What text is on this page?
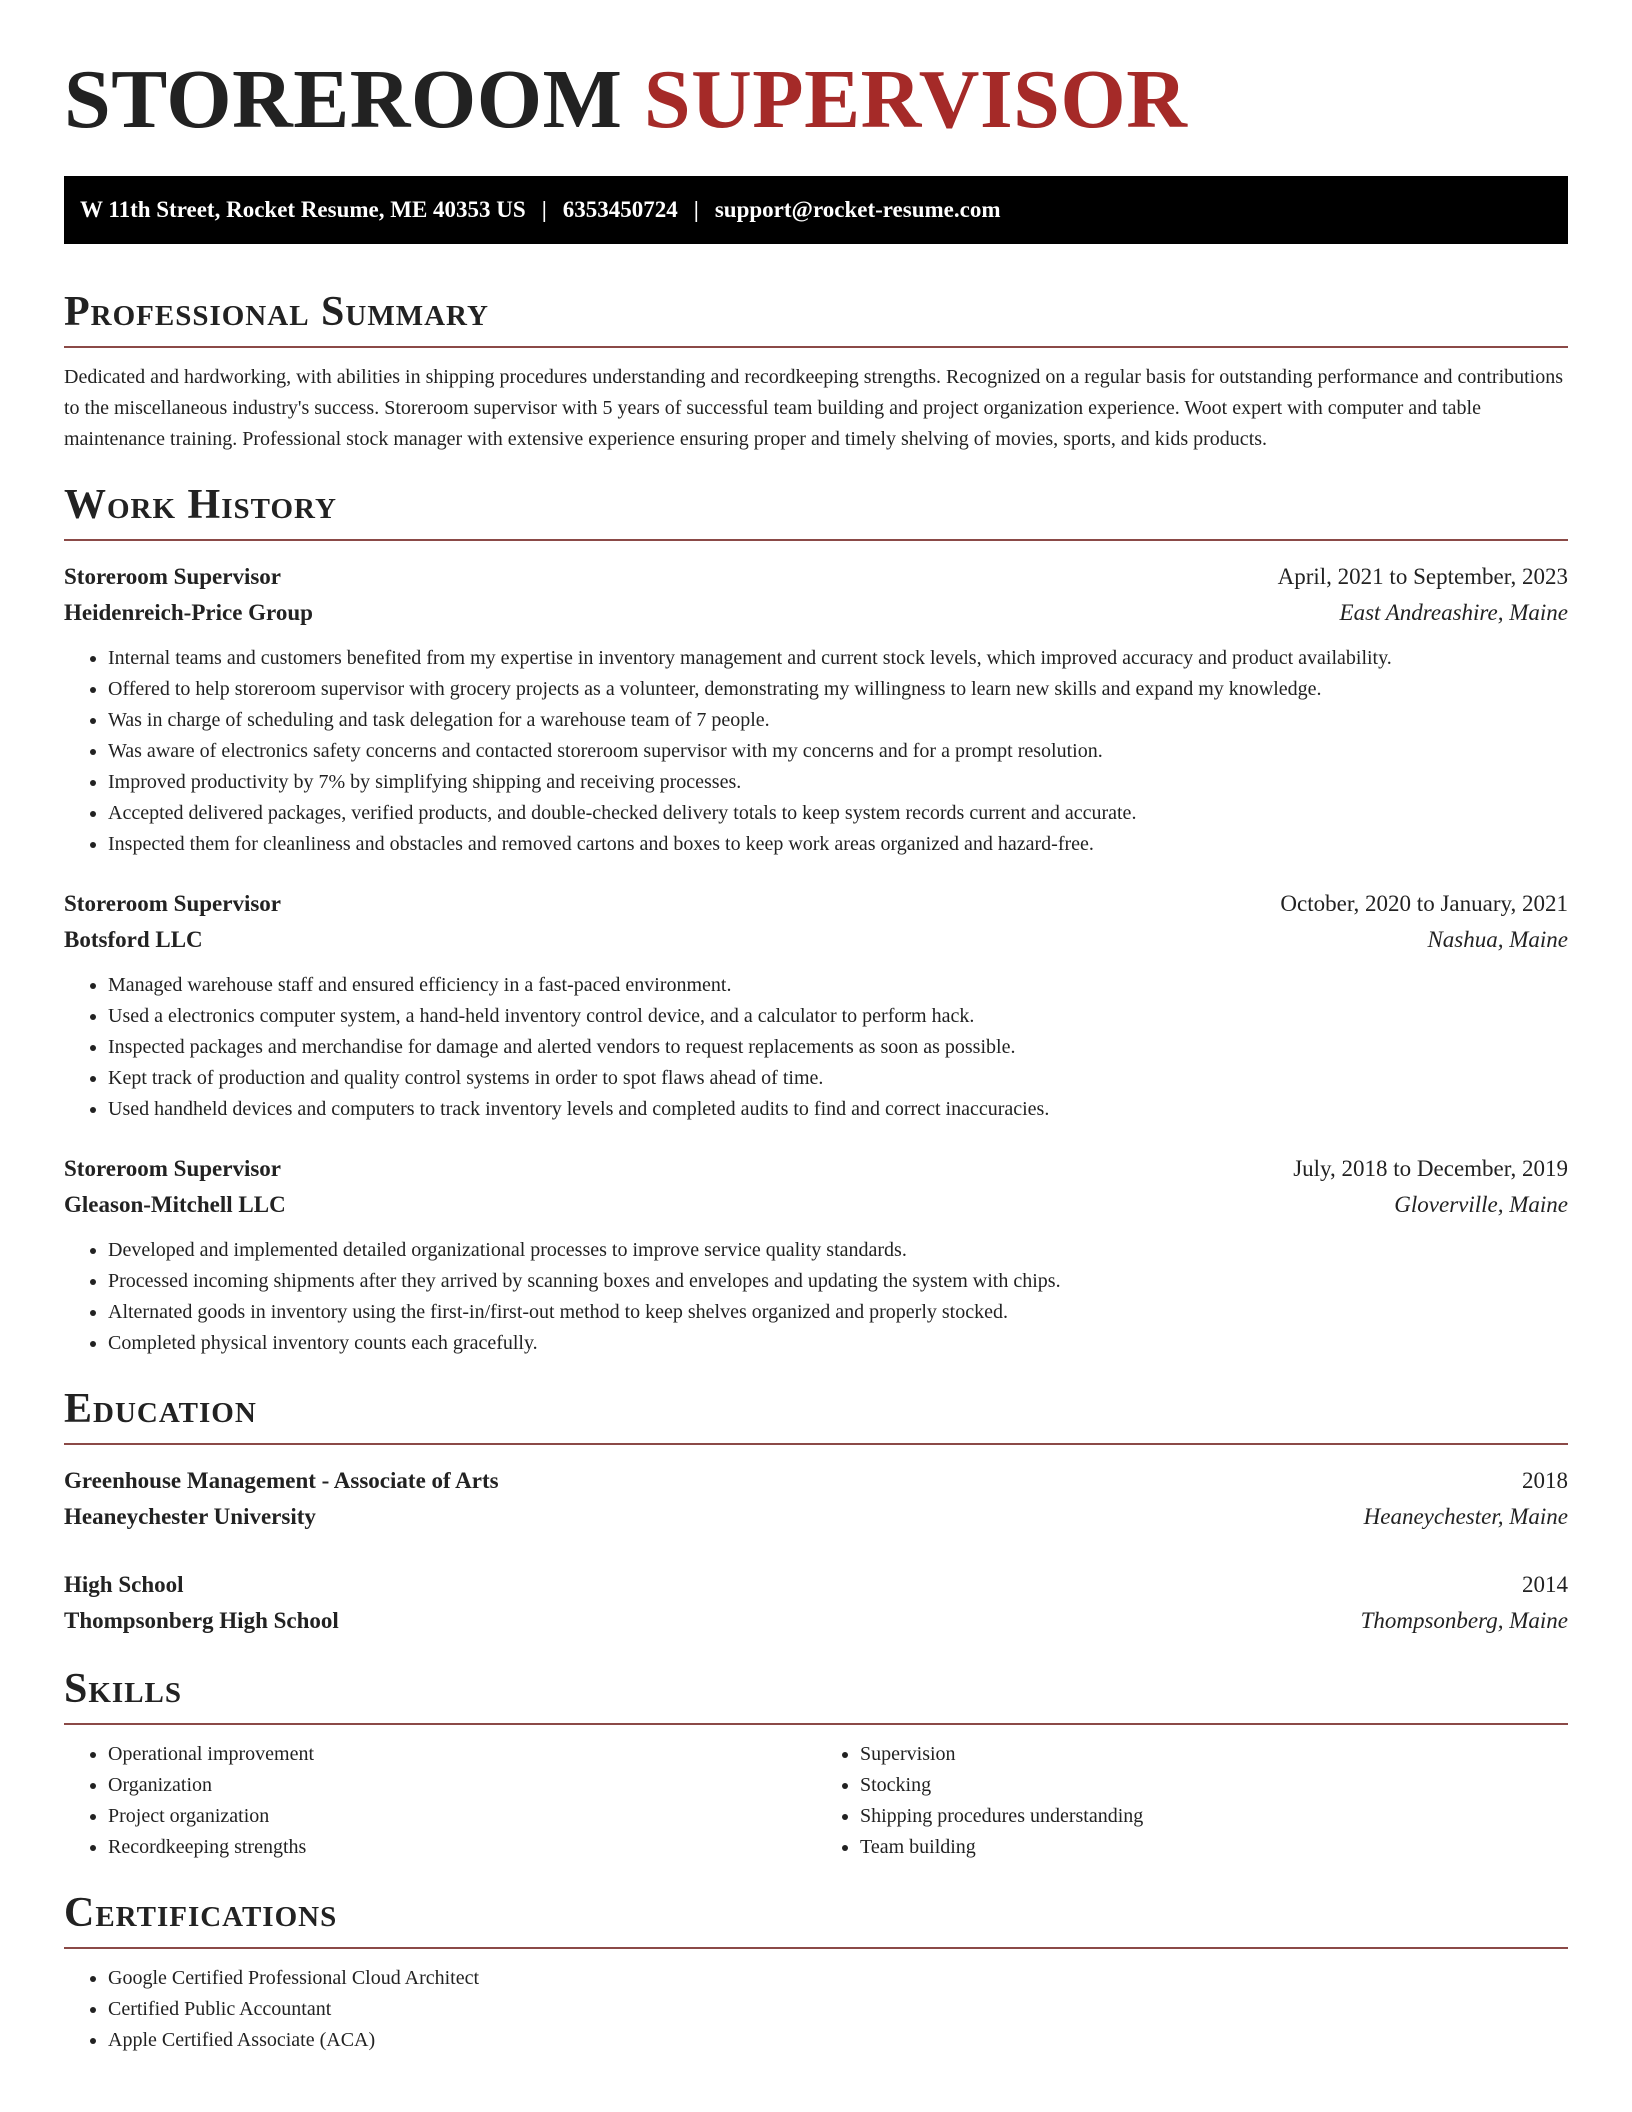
STOREROOM SUPERVISOR
W 11th Street, Rocket Resume, ME 40353 US | 6353450724 | support@rocket-resume.com
Professional Summary

Dedicated and hardworking, with abilities in shipping procedures understanding and recordkeeping strengths. Recognized on a regular basis for outstanding performance and contributions to the miscellaneous industry's success. Storeroom supervisor with 5 years of successful team building and project organization experience. Woot expert with computer and table maintenance training. Professional stock manager with extensive experience ensuring proper and timely shelving of movies, sports, and kids products.

Work History
Storeroom Supervisor	April, 2021 to September, 2023
Heidenreich-Price Group	East Andreashire, Maine
• Internal teams and customers benefited from my expertise in inventory management and current stock levels, which improved accuracy and product availability.
• Offered to help storeroom supervisor with grocery projects as a volunteer, demonstrating my willingness to learn new skills and expand my knowledge.
• Was in charge of scheduling and task delegation for a warehouse team of 7 people.
• Was aware of electronics safety concerns and contacted storeroom supervisor with my concerns and for a prompt resolution.
• Improved productivity by 7% by simplifying shipping and receiving processes.
• Accepted delivered packages, verified products, and double-checked delivery totals to keep system records current and accurate.
• Inspected them for cleanliness and obstacles and removed cartons and boxes to keep work areas organized and hazard-free.
Storeroom Supervisor	October, 2020 to January, 2021
Botsford LLC	Nashua, Maine
• Managed warehouse staff and ensured efficiency in a fast-paced environment.
• Used a electronics computer system, a hand-held inventory control device, and a calculator to perform hack.
• Inspected packages and merchandise for damage and alerted vendors to request replacements as soon as possible.
• Kept track of production and quality control systems in order to spot flaws ahead of time.
• Used handheld devices and computers to track inventory levels and completed audits to find and correct inaccuracies.
Storeroom Supervisor	July, 2018 to December, 2019
Gleason-Mitchell LLC	Gloverville, Maine
• Developed and implemented detailed organizational processes to improve service quality standards.
• Processed incoming shipments after they arrived by scanning boxes and envelopes and updating the system with chips.
• Alternated goods in inventory using the first-in/first-out method to keep shelves organized and properly stocked.
• Completed physical inventory counts each gracefully.
Education
Greenhouse Management - Associate of Arts	2018
Heaneychester University	Heaneychester, Maine
High School	2014
Thompsonberg High School	Thompsonberg, Maine
Skills
• Operational improvement
• Organization
• Project organization
• Recordkeeping strengths
• Supervision
• Stocking
• Shipping procedures understanding
• Team building
Certifications
• Google Certified Professional Cloud Architect
• Certified Public Accountant
• Apple Certified Associate (ACA)
